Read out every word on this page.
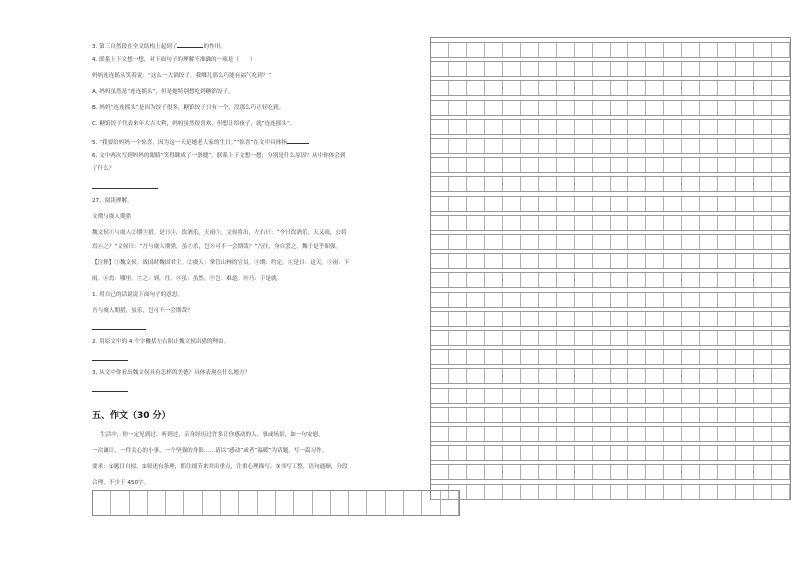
3. 第三自然段在全文结构上起到了	的作用。
4. 联系上下文想一想，对下面句子的理解不准确的一项是（　　）
妈妈连连摇头笑着说：“这么一大锅饺子，我哪儿那么巧能有福气吃到？”
A. 妈妈虽然是“连连摇头”，但是她特别想吃到糖馅饺子。
B. 妈妈“连连摇头”是因为饺子很多，糖馅饺子只有一个，没那么巧正好吃到。
C. 糖馅饺子代表来年大吉大利，妈妈虽然很喜欢，但想让给孩子，就“连连摇头”。
5. “我要给妈妈一个惊喜，因为这一天是她老人家的生日。”“惊喜”在文中具体指
6. 文中两次写到妈妈的眼睛“笑得眯成了一条缝”。联系上下文想一想：分别是什么原因？从中你体会到
了什么？
27、阅读理解。
文徵与虞人期猎
魏文侯①与虞人②期③猎。是日④，饮酒乐，天雨⑤。文侯将出，左右曰：“今日饮酒乐，天又雨，公将
焉⑥之？”文侯曰：“吾与虞人期猎，虽⑦乐，岂⑧可不一会期哉？”乃往，身自罢之。魏于是乎始强。
【注释】①魏文侯：战国时魏国君主。②虞人：掌管山林的官员。③期：约定。④是日：这天。⑤雨：下
雨。⑥焉：哪里。⑦之：到。往。⑧虽：虽然。⑨岂：难道。⑩乃：于是就。
1. 用自己的话说说下面句子的意思。
吾与虞人期猎，虽乐，岂可不一会期哉？
2. 用原文中的 4 个字概括左右阻止魏文侯出猎的理由。
3. 从文中你看出魏文侯具有怎样的美德？具体表现在什么地方？
五、作文（30 分）
生活中，你一定见到过、听到过、亲身经历过许多让你感动的人、事或场景，如一句安慰，
一次谦让，一件关心的小事，一个坚强的身影……请以“感动”或者“温暖”为话题，写一篇习作。
要求：①题目自拟。②叙述有条理，抓住细节来突出重点，注重心理描写。③书写工整，语句通顺，分段
合理，不少于 450字。
